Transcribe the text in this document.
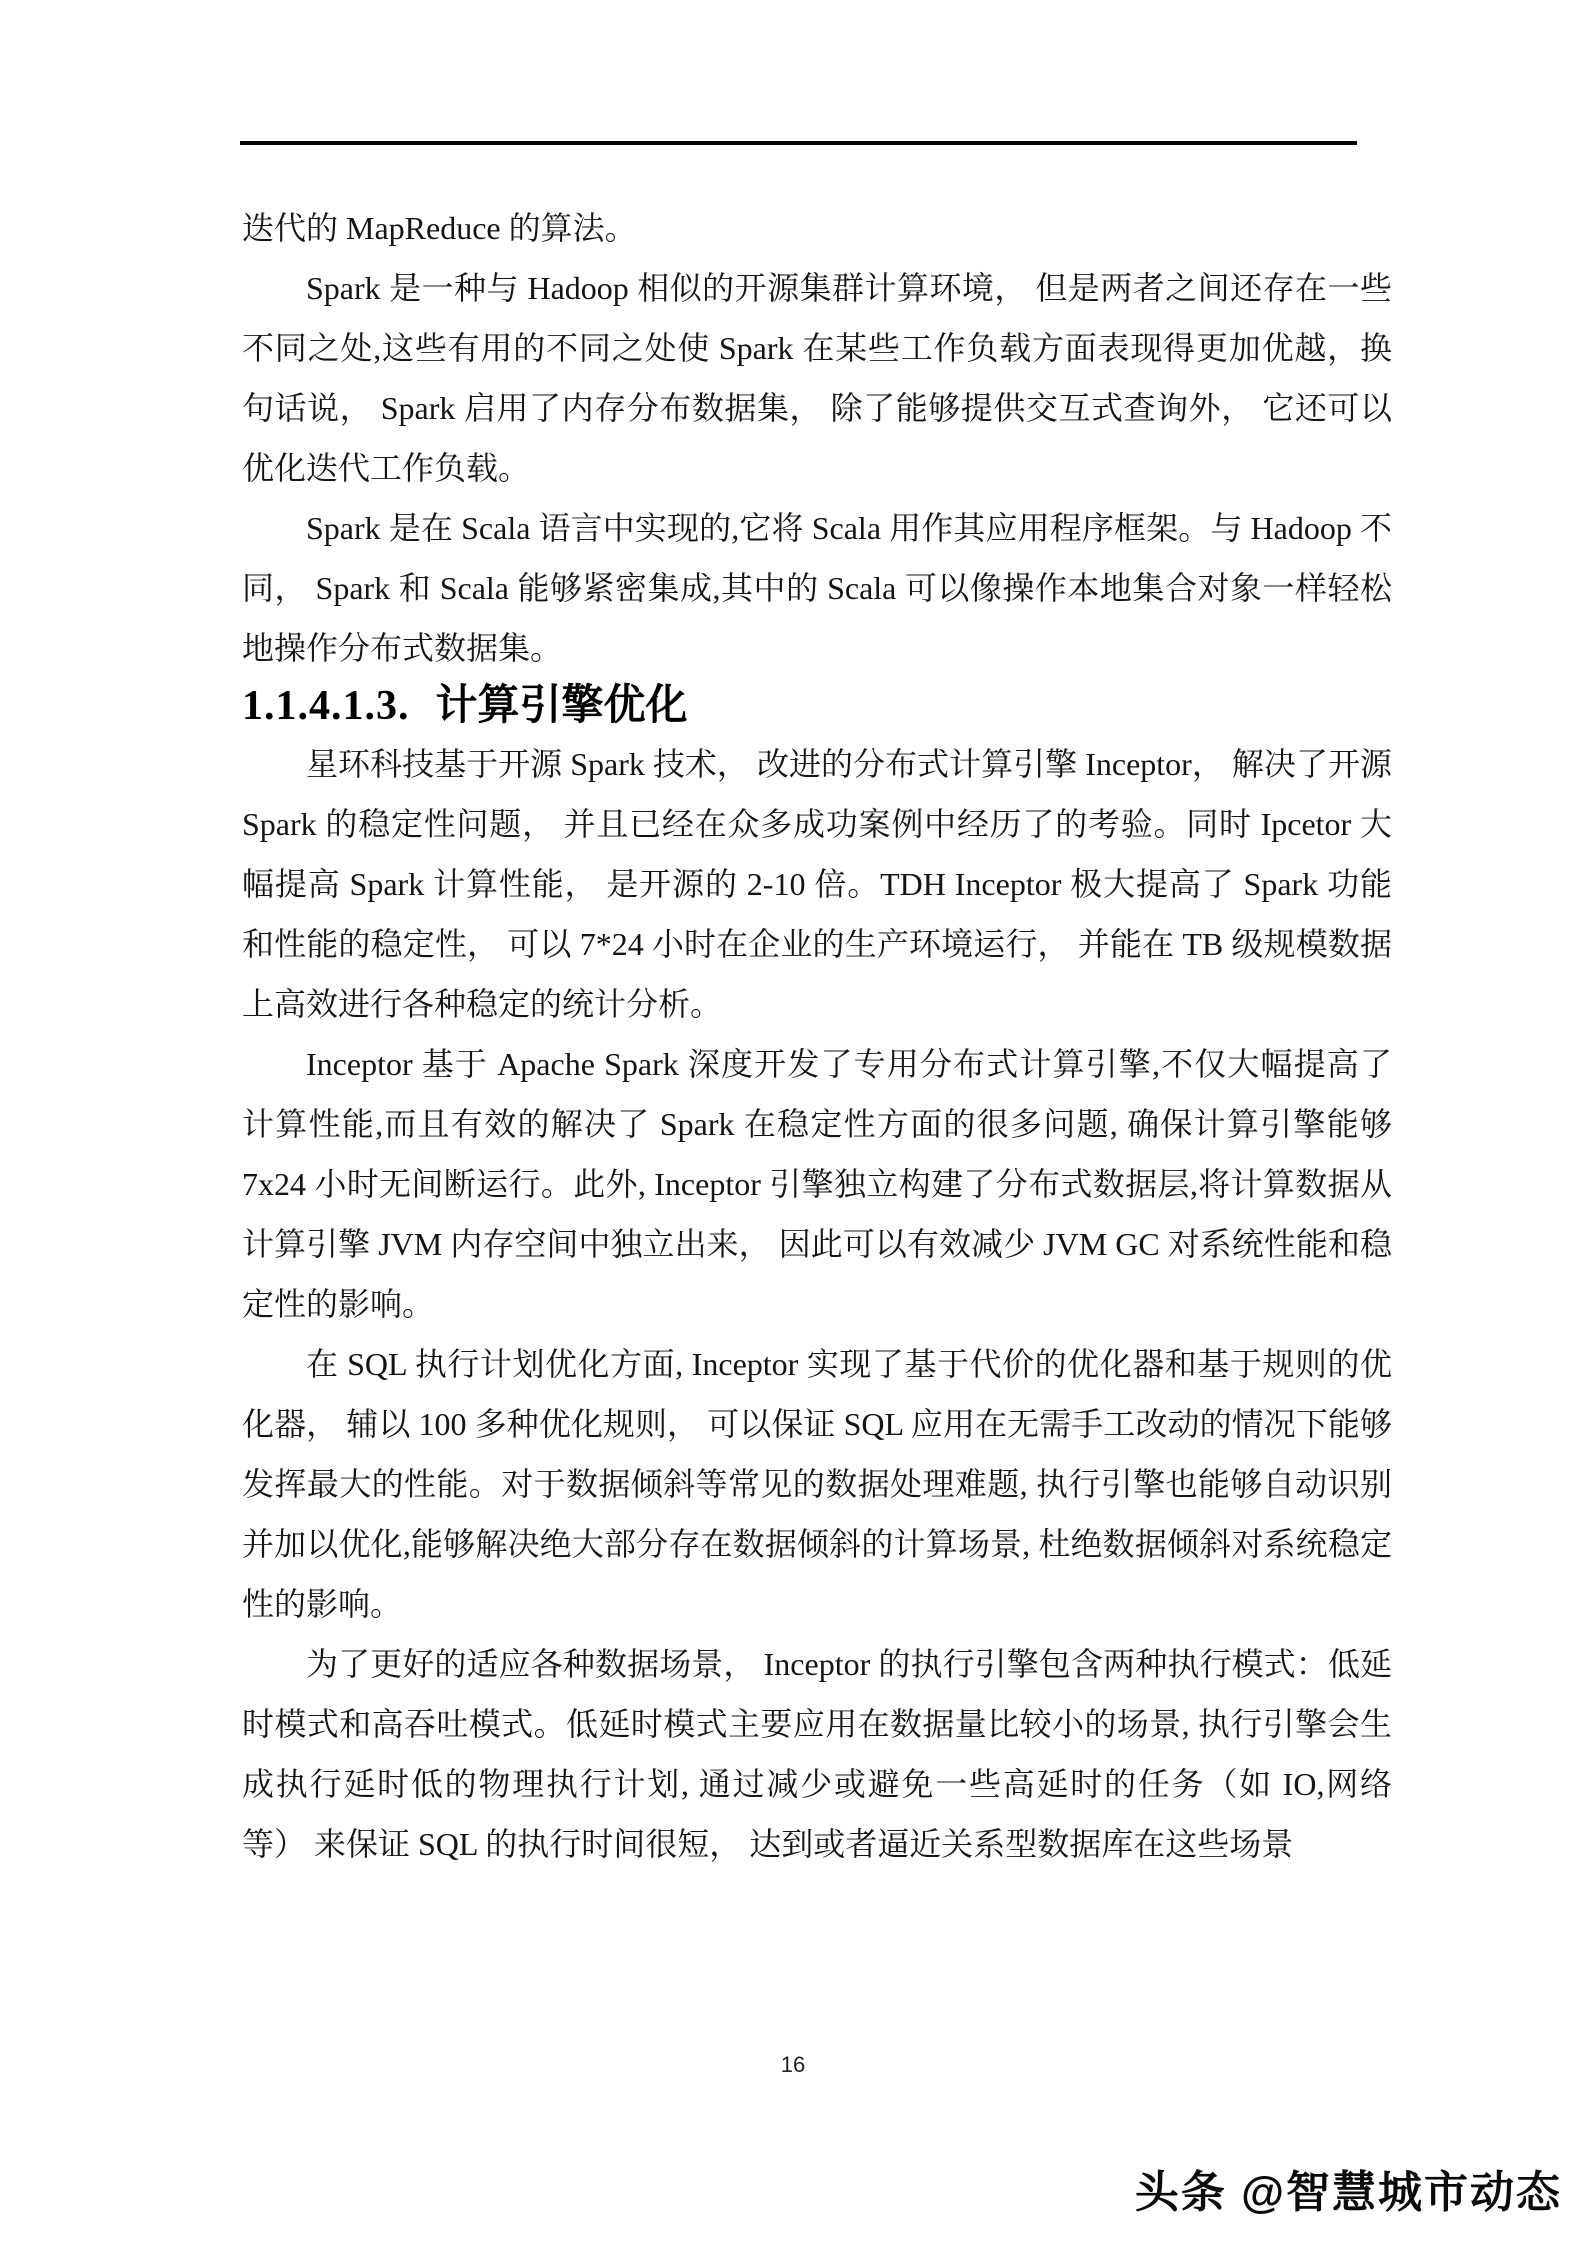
迭代的 MapReduce 的算法。

Spark 是一种与 Hadoop 相似的开源集群计算环境， 但是两者之间还存在一些不同之处,这些有用的不同之处使 Spark 在某些工作负载方面表现得更加优越，换句话说， Spark 启用了内存分布数据集， 除了能够提供交互式查询外， 它还可以优化迭代工作负载。

Spark 是在 Scala 语言中实现的,它将 Scala 用作其应用程序框架。与 Hadoop 不同， Spark 和 Scala 能够紧密集成,其中的 Scala 可以像操作本地集合对象一样轻松地操作分布式数据集。

1.1.4.1.3. 计算引擎优化

星环科技基于开源 Spark 技术， 改进的分布式计算引擎 Inceptor， 解决了开源 Spark 的稳定性问题， 并且已经在众多成功案例中经历了的考验。同时 Ipcetor 大幅提高 Spark 计算性能， 是开源的 2-10 倍。TDH Inceptor 极大提高了 Spark 功能和性能的稳定性， 可以 7*24 小时在企业的生产环境运行， 并能在 TB 级规模数据上高效进行各种稳定的统计分析。

Inceptor 基于 Apache Spark 深度开发了专用分布式计算引擎,不仅大幅提高了计算性能,而且有效的解决了 Spark 在稳定性方面的很多问题, 确保计算引擎能够 7x24 小时无间断运行。此外, Inceptor 引擎独立构建了分布式数据层,将计算数据从计算引擎 JVM 内存空间中独立出来， 因此可以有效减少 JVM GC 对系统性能和稳定性的影响。

在 SQL 执行计划优化方面, Inceptor 实现了基于代价的优化器和基于规则的优化器， 辅以 100 多种优化规则， 可以保证 SQL 应用在无需手工改动的情况下能够发挥最大的性能。对于数据倾斜等常见的数据处理难题, 执行引擎也能够自动识别并加以优化,能够解决绝大部分存在数据倾斜的计算场景, 杜绝数据倾斜对系统稳定性的影响。

为了更好的适应各种数据场景， Inceptor 的执行引擎包含两种执行模式：低延时模式和高吞吐模式。低延时模式主要应用在数据量比较小的场景, 执行引擎会生成执行延时低的物理执行计划, 通过减少或避免一些高延时的任务（如 IO,网络等） 来保证 SQL 的执行时间很短， 达到或者逼近关系型数据库在这些场景

16
头条 @智慧城市动态
